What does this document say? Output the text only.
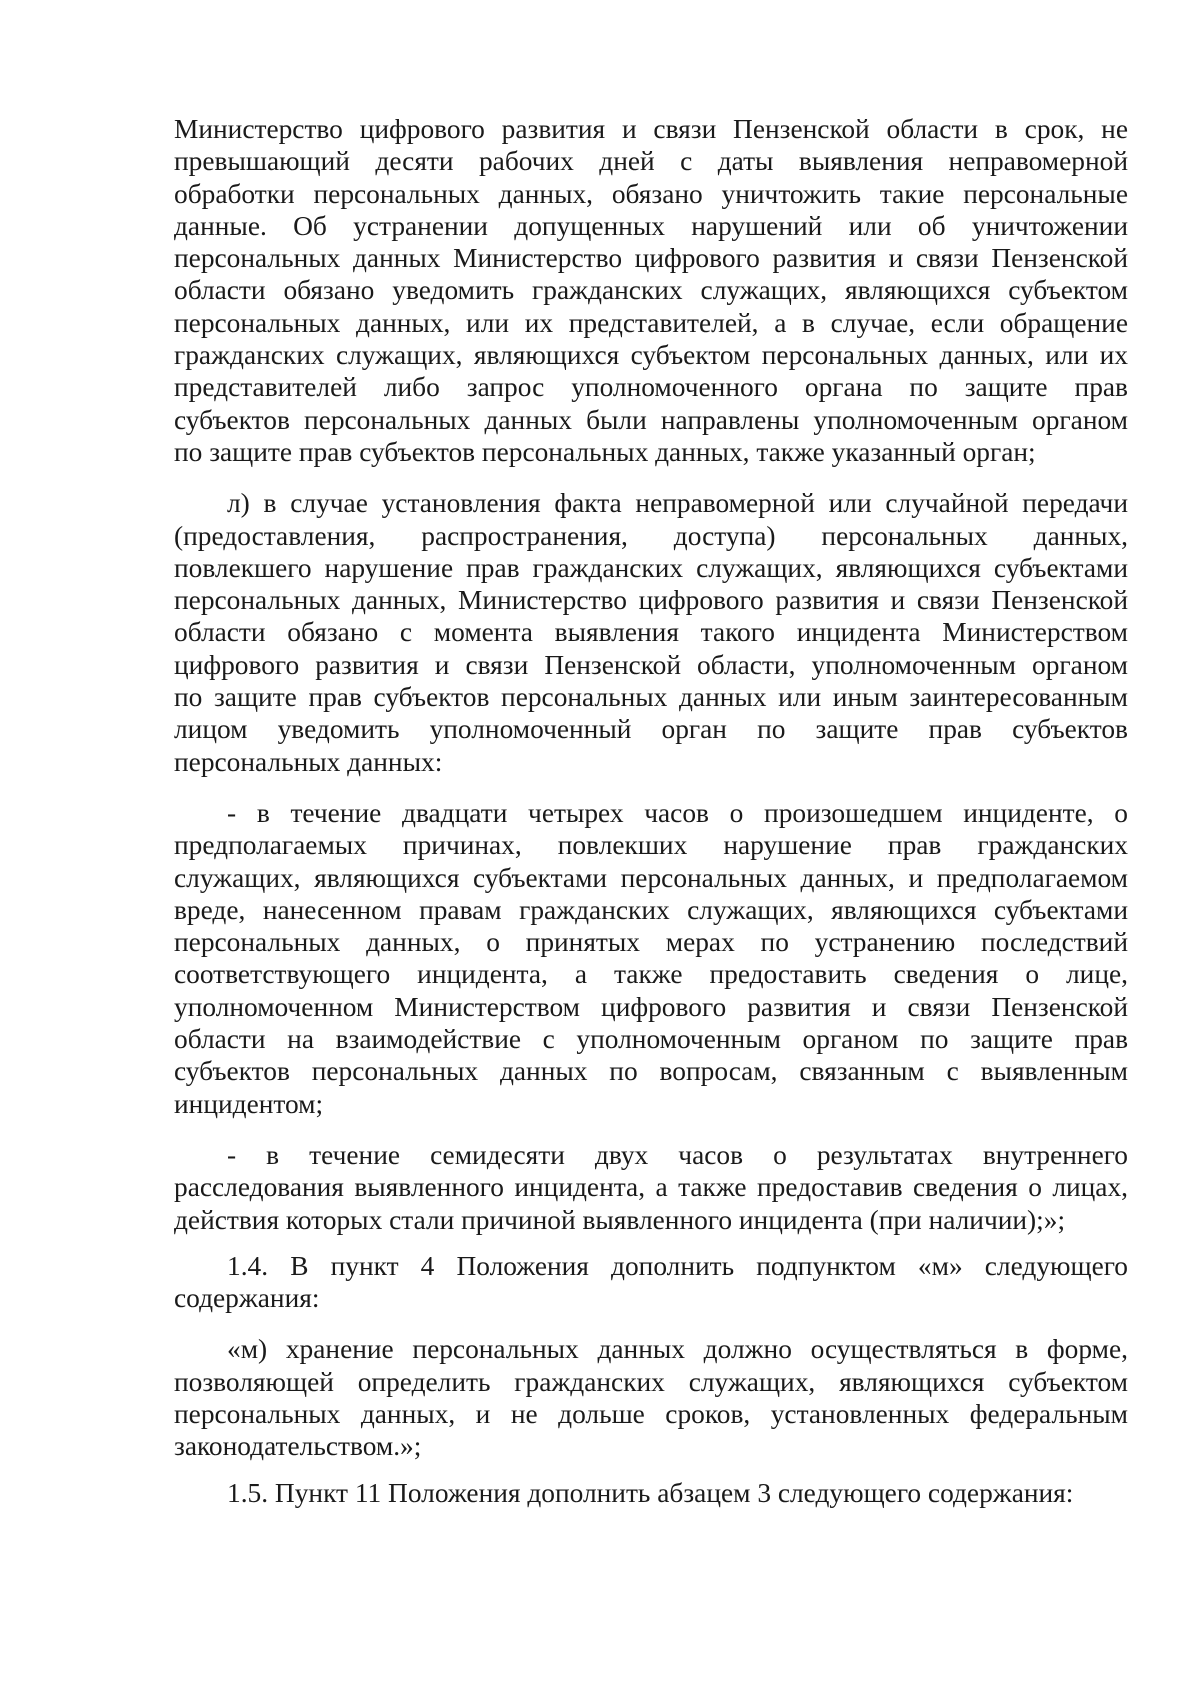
Министерство цифрового развития и связи Пензенской области в срок, не
превышающий десяти рабочих дней с даты выявления неправомерной
обработки персональных данных, обязано уничтожить такие персональные
данные. Об устранении допущенных нарушений или об уничтожении
персональных данных Министерство цифрового развития и связи Пензенской
области обязано уведомить гражданских служащих, являющихся субъектом
персональных данных, или их представителей, а в случае, если обращение
гражданских служащих, являющихся субъектом персональных данных, или их
представителей либо запрос уполномоченного органа по защите прав
субъектов персональных данных были направлены уполномоченным органом
по защите прав субъектов персональных данных, также указанный орган;
л) в случае установления факта неправомерной или случайной передачи
(предоставления, распространения, доступа) персональных данных,
повлекшего нарушение прав гражданских служащих, являющихся субъектами
персональных данных, Министерство цифрового развития и связи Пензенской
области обязано с момента выявления такого инцидента Министерством
цифрового развития и связи Пензенской области, уполномоченным органом
по защите прав субъектов персональных данных или иным заинтересованным
лицом уведомить уполномоченный орган по защите прав субъектов
персональных данных:
- в течение двадцати четырех часов о произошедшем инциденте, о
предполагаемых причинах, повлекших нарушение прав гражданских
служащих, являющихся субъектами персональных данных, и предполагаемом
вреде, нанесенном правам гражданских служащих, являющихся субъектами
персональных данных, о принятых мерах по устранению последствий
соответствующего инцидента, а также предоставить сведения о лице,
уполномоченном Министерством цифрового развития и связи Пензенской
области на взаимодействие с уполномоченным органом по защите прав
субъектов персональных данных по вопросам, связанным с выявленным
инцидентом;
- в течение семидесяти двух часов о результатах внутреннего
расследования выявленного инцидента, а также предоставив сведения о лицах,
действия которых стали причиной выявленного инцидента (при наличии);»;
1.4. В пункт 4 Положения дополнить подпунктом «м» следующего
содержания:
«м) хранение персональных данных должно осуществляться в форме,
позволяющей определить гражданских служащих, являющихся субъектом
персональных данных, и не дольше сроков, установленных федеральным
законодательством.»;
1.5. Пункт 11 Положения дополнить абзацем 3 следующего содержания:
